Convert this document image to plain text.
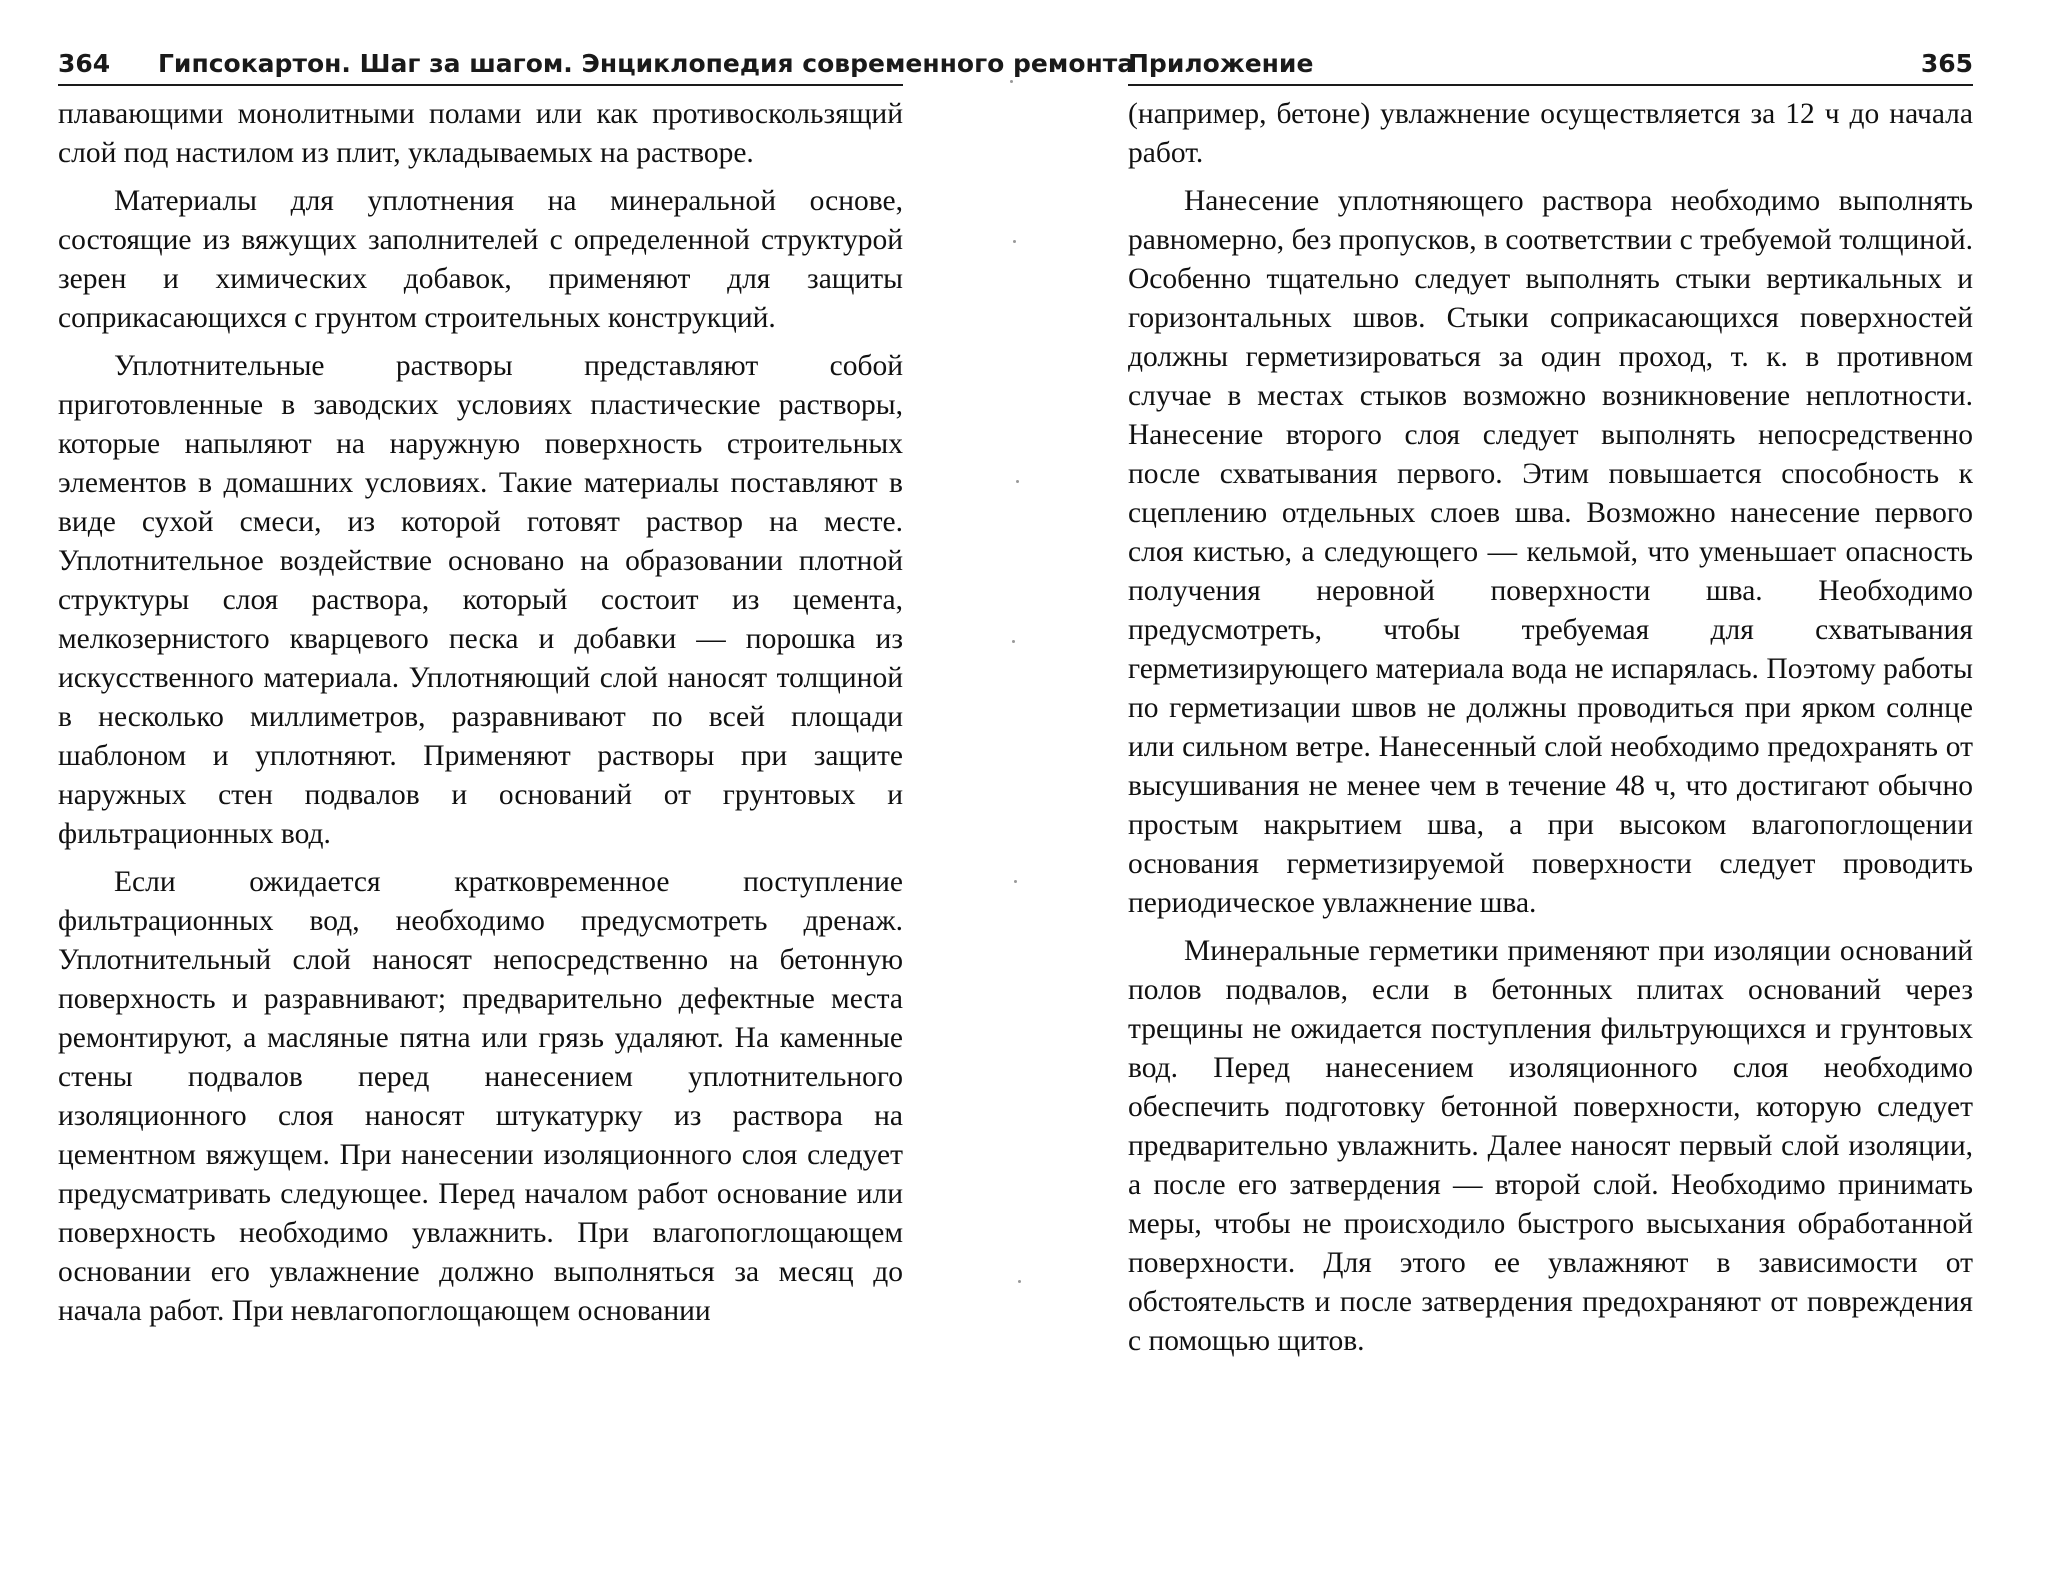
364 Гипсокартон. Шаг за шагом. Энциклопедия современного ремонта

плавающими монолитными полами или как противоскользящий слой под настилом из плит, укладываемых на растворе.

Материалы для уплотнения на минеральной основе, состоящие из вяжущих заполнителей с определенной структурой зерен и химических добавок, применяют для защиты соприкасающихся с грунтом строительных конструкций.

Уплотнительные растворы представляют собой приготовленные в заводских условиях пластические растворы, которые напыляют на наружную поверхность строительных элементов в домашних условиях. Такие материалы поставляют в виде сухой смеси, из которой готовят раствор на месте. Уплотнительное воздействие основано на образовании плотной структуры слоя раствора, который состоит из цемента, мелкозернистого кварцевого песка и добавки — порошка из искусственного материала. Уплотняющий слой наносят толщиной в несколько миллиметров, разравнивают по всей площади шаблоном и уплотняют. Применяют растворы при защите наружных стен подвалов и оснований от грунтовых и фильтрационных вод.

Если ожидается кратковременное поступление фильтрационных вод, необходимо предусмотреть дренаж. Уплотнительный слой наносят непосредственно на бетонную поверхность и разравнивают; предварительно дефектные места ремонтируют, а масляные пятна или грязь удаляют. На каменные стены подвалов перед нанесением уплотнительного изоляционного слоя наносят штукатурку из раствора на цементном вяжущем. При нанесении изоляционного слоя следует предусматривать следующее. Перед началом работ основание или поверхность необходимо увлажнить. При влагопоглощающем основании его увлажнение должно выполняться за месяц до начала работ. При невлагопоглощающем основании

Приложение	365

(например, бетоне) увлажнение осуществляется за 12 ч до начала работ.

Нанесение уплотняющего раствора необходимо выполнять равномерно, без пропусков, в соответствии с требуемой толщиной. Особенно тщательно следует выполнять стыки вертикальных и горизонтальных швов. Стыки соприкасающихся поверхностей должны герметизироваться за один проход, т. к. в противном случае в местах стыков возможно возникновение неплотности. Нанесение второго слоя следует выполнять непосредственно после схватывания первого. Этим повышается способность к сцеплению отдельных слоев шва. Возможно нанесение первого слоя кистью, а следующего — кельмой, что уменьшает опасность получения неровной поверхности шва. Необходимо предусмотреть, чтобы требуемая для схватывания герметизирующего материала вода не испарялась. Поэтому работы по герметизации швов не должны проводиться при ярком солнце или сильном ветре. Нанесенный слой необходимо предохранять от высушивания не менее чем в течение 48 ч, что достигают обычно простым накрытием шва, а при высоком влагопоглощении основания герметизируемой поверхности следует проводить периодическое увлажнение шва.

Минеральные герметики применяют при изоляции оснований полов подвалов, если в бетонных плитах оснований через трещины не ожидается поступления фильтрующихся и грунтовых вод. Перед нанесением изоляционного слоя необходимо обеспечить подготовку бетонной поверхности, которую следует предварительно увлажнить. Далее наносят первый слой изоляции, а после его затвердения — второй слой. Необходимо принимать меры, чтобы не происходило быстрого высыхания обработанной поверхности. Для этого ее увлажняют в зависимости от обстоятельств и после затвердения предохраняют от повреждения с помощью щитов.
